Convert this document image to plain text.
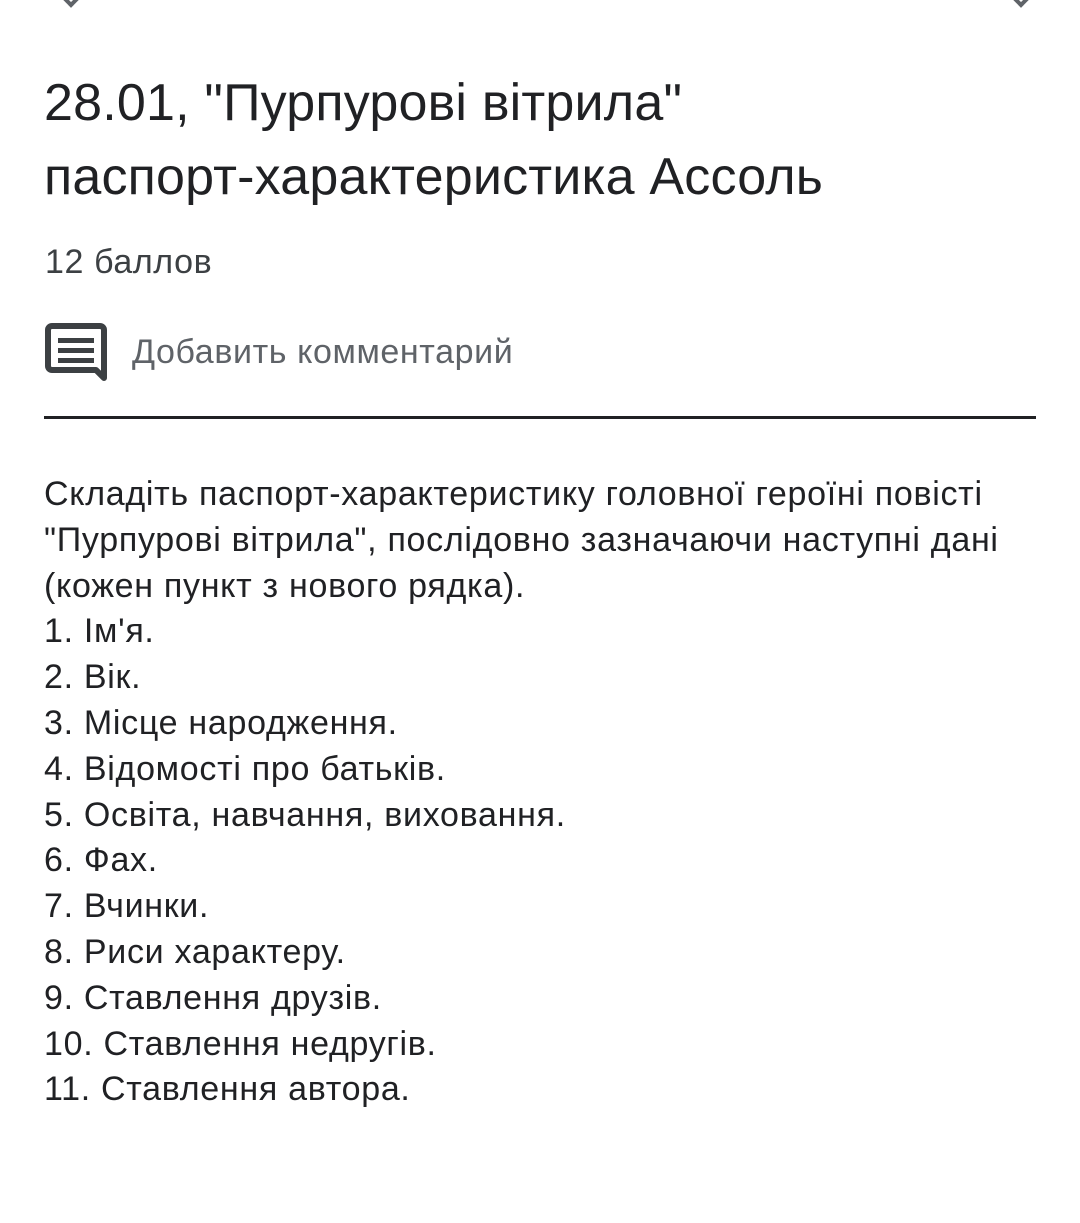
28.01, "Пурпурові вітрила"
паспорт-характеристика Ассоль
12 баллов
Добавить комментарий
Складіть паспорт-характеристику головної героїні повісті "Пурпурові вітрила", послідовно зазначаючи наступні дані (кожен пункт з нового рядка).
1. Ім'я.
2. Вік.
3. Місце народження.
4. Відомості про батьків.
5. Освіта, навчання, виховання.
6. Фах.
7. Вчинки.
8. Риси характеру.
9. Ставлення друзів.
10. Ставлення недругів.
11. Ставлення автора.
